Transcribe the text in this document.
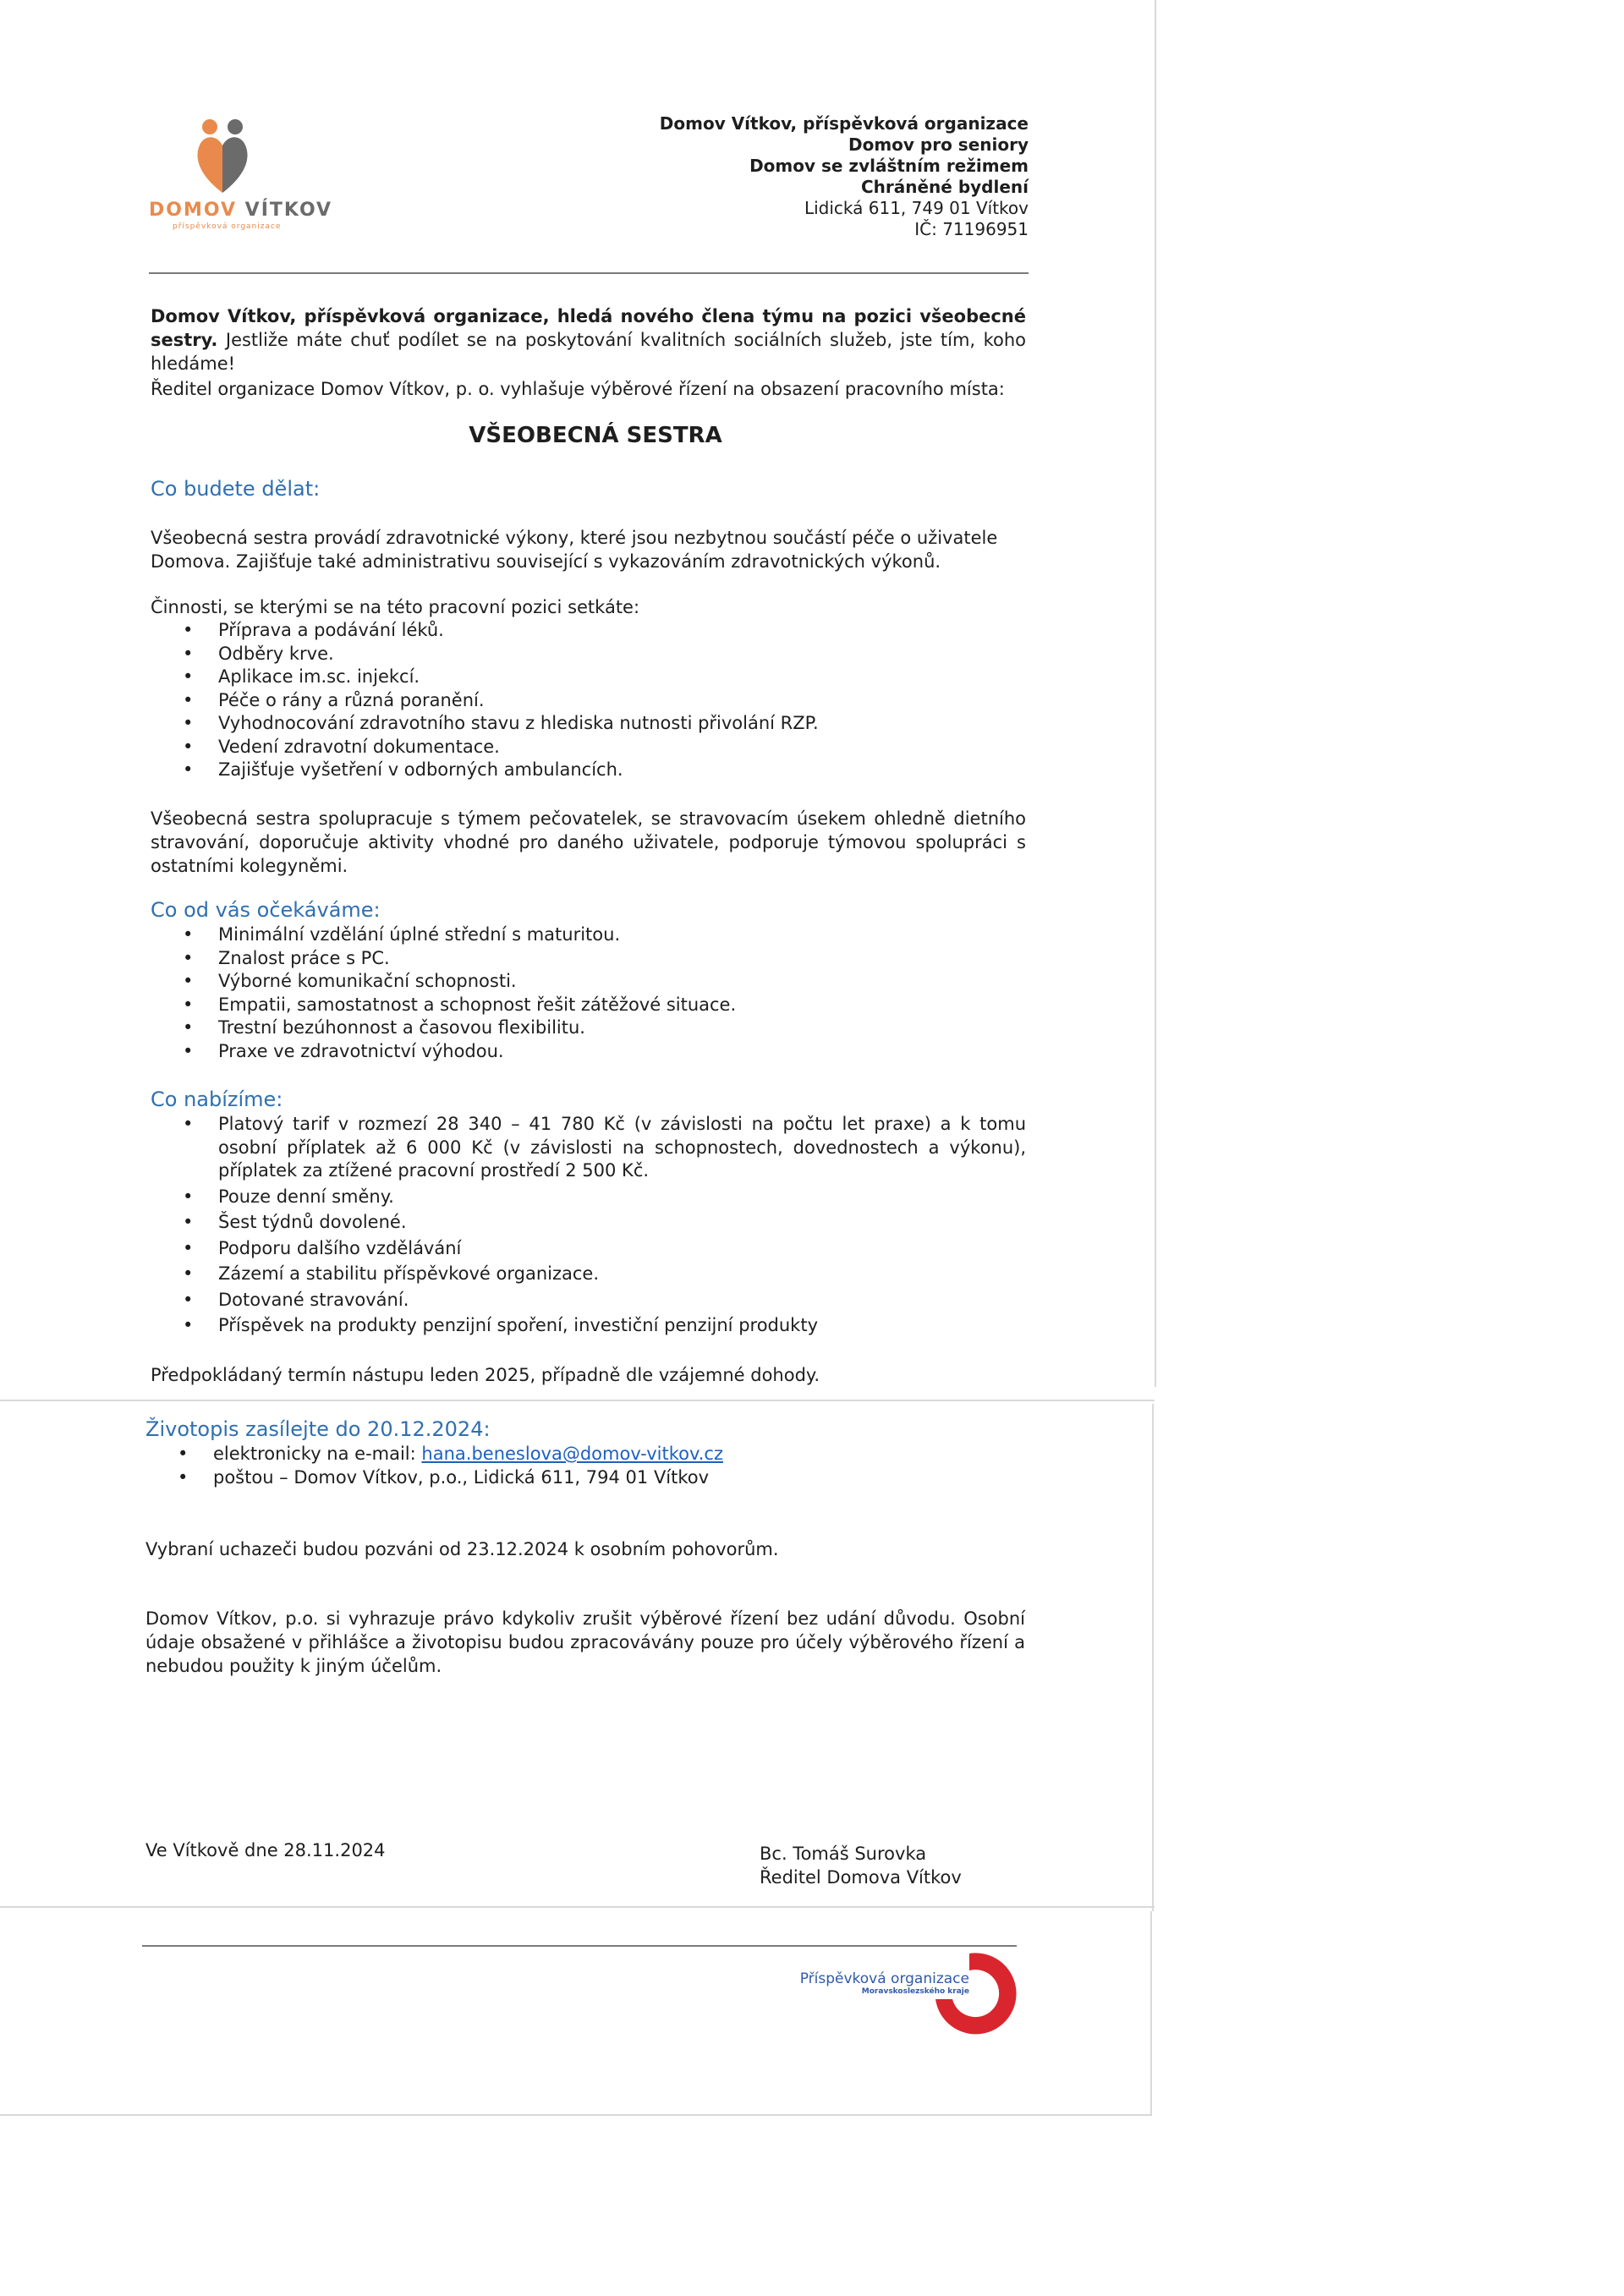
DOMOV VÍTKOV
příspěvková organizace
Domov Vítkov, příspěvková organizace
Domov pro seniory
Domov se zvláštním režimem
Chráněné bydlení
Lidická 611, 749 01 Vítkov
IČ: 71196951
Domov Vítkov, příspěvková organizace, hledá nového člena týmu na pozici všeobecné sestry. Jestliže máte chuť podílet se na poskytování kvalitních sociálních služeb, jste tím, koho hledáme!
Ředitel organizace Domov Vítkov, p. o. vyhlašuje výběrové řízení na obsazení pracovního místa:
VŠEOBECNÁ SESTRA
Co budete dělat:
Všeobecná sestra provádí zdravotnické výkony, které jsou nezbytnou součástí péče o uživatele Domova. Zajišťuje také administrativu související s vykazováním zdravotnických výkonů.
Činnosti, se kterými se na této pracovní pozici setkáte:
• Příprava a podávání léků.
• Odběry krve.
• Aplikace im.sc. injekcí.
• Péče o rány a různá poranění.
• Vyhodnocování zdravotního stavu z hlediska nutnosti přivolání RZP.
• Vedení zdravotní dokumentace.
• Zajišťuje vyšetření v odborných ambulancích.
Všeobecná sestra spolupracuje s týmem pečovatelek, se stravovacím úsekem ohledně dietního stravování, doporučuje aktivity vhodné pro daného uživatele, podporuje týmovou spolupráci s ostatními kolegyněmi.
Co od vás očekáváme:
• Minimální vzdělání úplné střední s maturitou.
• Znalost práce s PC.
• Výborné komunikační schopnosti.
• Empatii, samostatnost a schopnost řešit zátěžové situace.
• Trestní bezúhonnost a časovou flexibilitu.
• Praxe ve zdravotnictví výhodou.
Co nabízíme:
• Platový tarif v rozmezí 28 340 – 41 780 Kč (v závislosti na počtu let praxe) a k tomu osobní příplatek až 6 000 Kč (v závislosti na schopnostech, dovednostech a výkonu), příplatek za ztížené pracovní prostředí 2 500 Kč.
• Pouze denní směny.
• Šest týdnů dovolené.
• Podporu dalšího vzdělávání
• Zázemí a stabilitu příspěvkové organizace.
• Dotované stravování.
• Příspěvek na produkty penzijní spoření, investiční penzijní produkty
Předpokládaný termín nástupu leden 2025, případně dle vzájemné dohody.
Životopis zasílejte do 20.12.2024:
• elektronicky na e-mail: hana.beneslova@domov-vitkov.cz
• poštou – Domov Vítkov, p.o., Lidická 611, 794 01 Vítkov
Vybraní uchazeči budou pozváni od 23.12.2024 k osobním pohovorům.
Domov Vítkov, p.o. si vyhrazuje právo kdykoliv zrušit výběrové řízení bez udání důvodu. Osobní údaje obsažené v přihlášce a životopisu budou zpracovávány pouze pro účely výběrového řízení a nebudou použity k jiným účelům.
Ve Vítkově dne 28.11.2024	Bc. Tomáš Surovka
Ředitel Domova Vítkov
Příspěvková organizace
Moravskoslezského kraje
